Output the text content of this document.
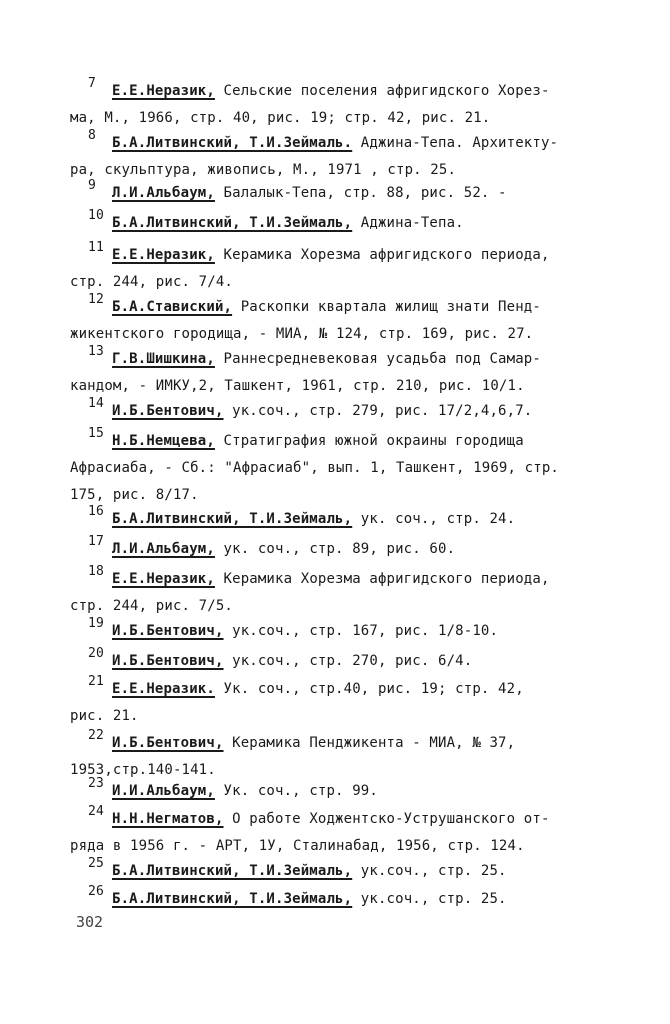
7 Е.Е.Неразик, Сельские поселения афригидского Хорез-
ма, М., 1966, стр. 40, рис. 19; стр. 42, рис. 21.
8 Б.А.Литвинский, Т.И.Зеймаль. Аджина-Тепа. Архитекту-
ра, скульптура, живопись, М., 1971 , стр. 25.
9 Л.И.Альбаум, Балалык-Тепа, стр. 88, рис. 52. -
10 Б.А.Литвинский, Т.И.Зеймаль, Аджина-Тепа.
11 Е.Е.Неразик, Керамика Хорезма афригидского периода,
стр. 244, рис. 7/4.
12 Б.А.Ставиский, Раскопки квартала жилищ знати Пенд-
жикентского городища, - МИА, № 124, стр. 169, рис. 27.
13 Г.В.Шишкина, Раннесредневековая усадьба под Самар-
кандом, - ИМКУ,2, Ташкент, 1961, стр. 210, рис. 10/1.
14 И.Б.Бентович, ук.соч., стр. 279, рис. 17/2,4,6,7.
15 Н.Б.Немцева, Стратиграфия южной окраины городища
Афрасиаба, - Сб.: "Афрасиаб", вып. 1, Ташкент, 1969, стр.
175, рис. 8/17.
16 Б.А.Литвинский, Т.И.Зеймаль, ук. соч., стр. 24.
17 Л.И.Альбаум, ук. соч., стр. 89, рис. 60.
18 Е.Е.Неразик, Керамика Хорезма афригидского периода,
стр. 244, рис. 7/5.
19 И.Б.Бентович, ук.соч., стр. 167, рис. 1/8-10.
20 И.Б.Бентович, ук.соч., стр. 270, рис. 6/4.
21 Е.Е.Неразик. Ук. соч., стр.40, рис. 19; стр. 42,
рис. 21.
22 И.Б.Бентович, Керамика Пенджикента - МИА, № 37,
1953,стр.140-141.
23 И.И.Альбаум, Ук. соч., стр. 99.
24 Н.Н.Негматов, О работе Ходжентско-Уструшанского от-
ряда в 1956 г. - АРТ, 1У, Сталинабад, 1956, стр. 124.
25 Б.А.Литвинский, Т.И.Зеймаль, ук.соч., стр. 25.
26 Б.А.Литвинский, Т.И.Зеймаль, ук.соч., стр. 25.
302
